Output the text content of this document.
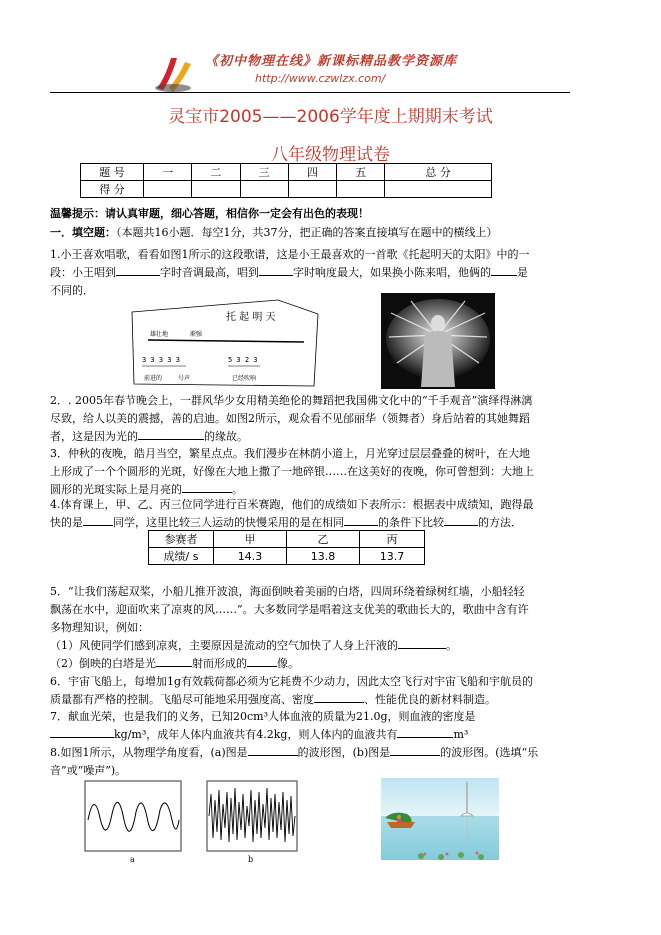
《初中物理在线》新课标精品教学资源库
http://www.czwlzx.com/
灵宝市2005——2006学年度上期期末考试
八年级物理试卷
题 号	一	二	三	四	五	总 分
得 分						
温馨提示：请认真审题，细心答题，相信你一定会有出色的表现！
一．填空题：（本题共16小题．每空1分，共37分，把正确的答案直接填写在题中的横线上）
1.小王喜欢唱歌，看看如图1所示的这段歌谱，这是小王最喜欢的一首歌《托起明天的太阳》中的一
段：小王唱到	字时音调最高，唱到	字时响度最大，如果换小陈来唱，他俩的 是
不同的．
托 起 明 天
雄壮地	渐强
3 3 3 3 3	5 3 2 3
前进的	号声	已经吹响
2．. 2005年春节晚会上，一群风华少女用精美绝伦的舞蹈把我国佛文化中的“千手观音”演绎得淋漓
尽致，给人以美的震撼，善的启迪。如图2所示，观众看不见邰丽华（领舞者）身后站着的其她舞蹈
者，这是因为光的	的缘故。
3．仲秋的夜晚，皓月当空，繁星点点。我们漫步在林荫小道上，月光穿过层层叠叠的树叶，在大地
上形成了一个个圆形的光斑，好像在大地上撒了一地碎银……在这美好的夜晚，你可曾想到：大地上
圆形的光斑实际上是月亮的	。
4.体育课上，甲、乙、丙三位同学进行百米赛跑，他们的成绩如下表所示：根据表中成绩知，跑得最
快的是	同学，这里比较三人运动的快慢采用的是在相同	的条件下比较	的方法．
参赛者	甲	乙	丙
成绩/ s	14.3	13.8	13.7
5．“让我们荡起双桨，小船儿推开波浪，海面倒映着美丽的白塔，四周环绕着绿树红墙，小船轻轻
飘荡在水中，迎面吹来了凉爽的风……”。大多数同学是唱着这支优美的歌曲长大的，歌曲中含有许
多物理知识，例如：
（1）风使同学们感到凉爽，主要原因是流动的空气加快了人身上汗液的	。
（2）倒映的白塔是光	射而形成的	像。
6．宇宙飞船上，每增加1g有效载荷都必须为它耗费不少动力，因此太空飞行对宇宙飞船和宇航员的
质量都有严格的控制。飞船尽可能地采用强度高、密度	、性能优良的新材料制造。
7．献血光荣，也是我们的义务，已知20cm³人体血液的质量为21.0g，则血液的密度是
kg/m³，成年人体内血液共有4.2kg，则人体内的血液共有	m³
8.如图1所示，从物理学角度看，(a)图是	的波形图，(b)图是	的波形图。(选填“乐
音”或“噪声”)。
a	b
